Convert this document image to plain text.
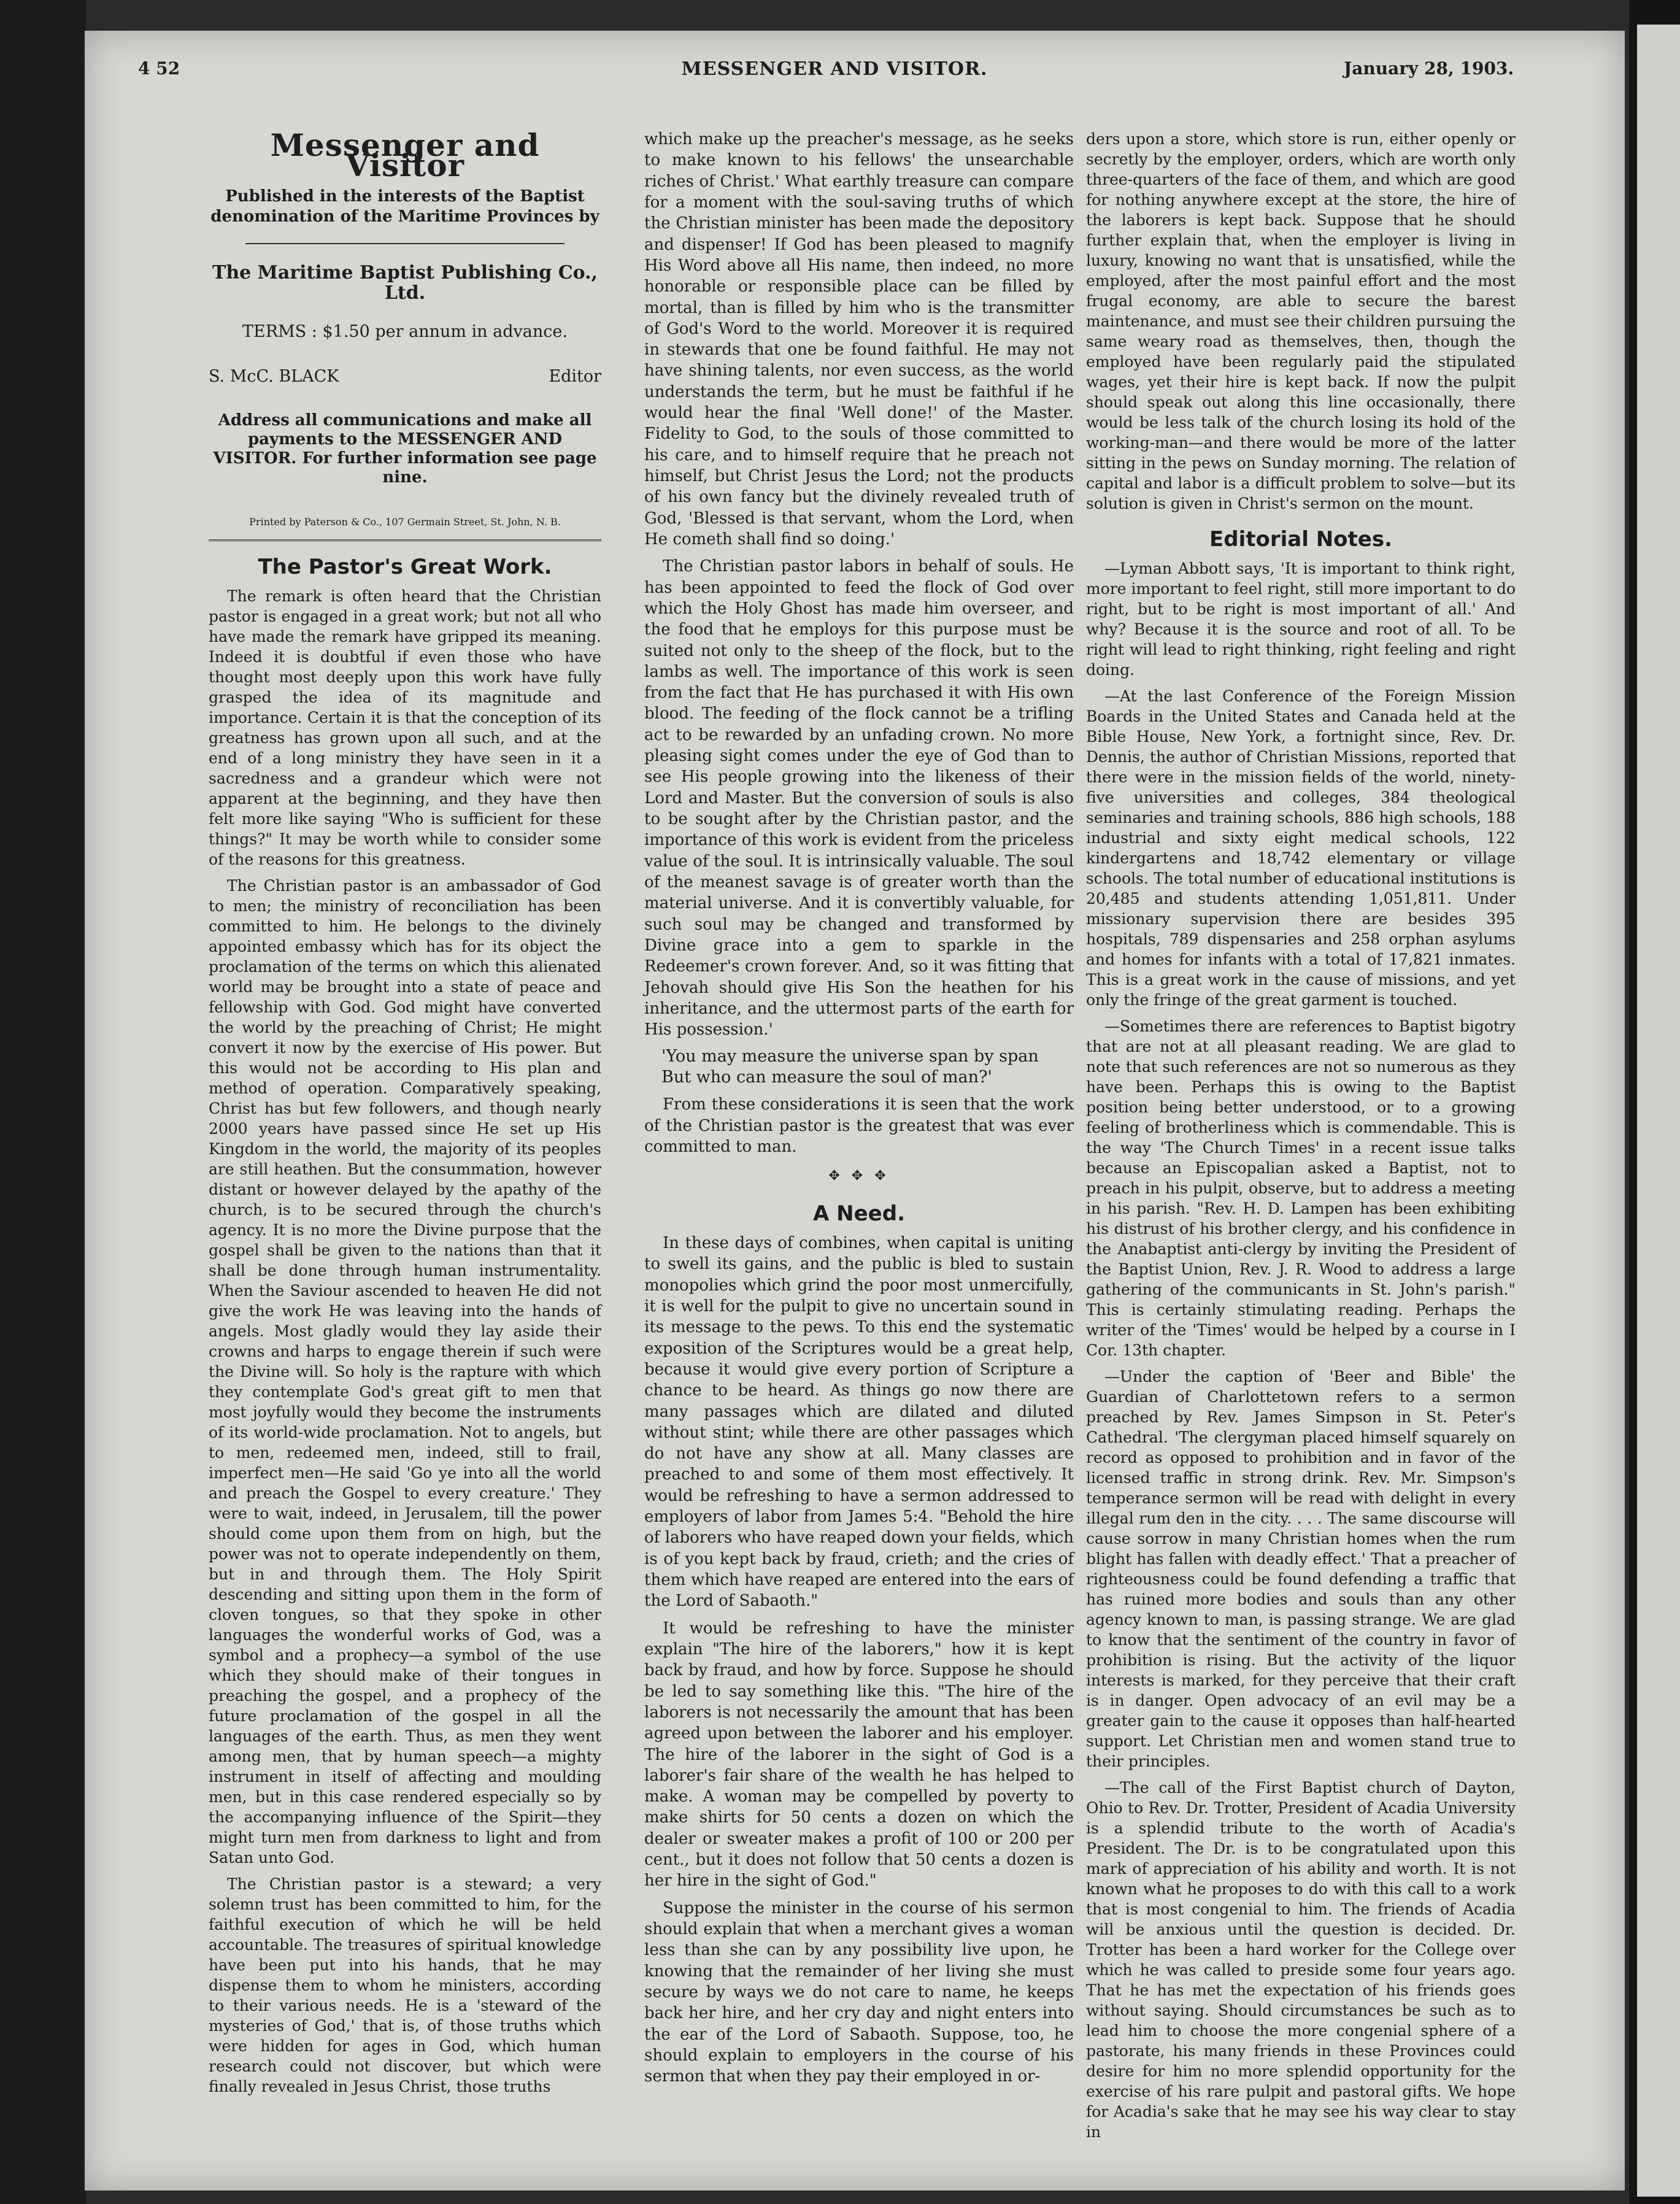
4 52	MESSENGER AND VISITOR.	January 28, 1903.
Messenger and Visitor
Published in the interests of the Baptist denomination of the Maritime Provinces by
The Maritime Baptist Publishing Co., Ltd.
TERMS : $1.50 per annum in advance.
S. McC. BLACK	Editor
Address all communications and make all payments to the MESSENGER AND VISITOR. For further information see page nine.
Printed by Paterson & Co., 107 Germain Street, St. John, N. B.
The Pastor's Great Work.

The remark is often heard that the Christian pastor is engaged in a great work; but not all who have made the remark have gripped its meaning. Indeed it is doubtful if even those who have thought most deeply upon this work have fully grasped the idea of its magnitude and importance. Certain it is that the conception of its greatness has grown upon all such, and at the end of a long ministry they have seen in it a sacredness and a grandeur which were not apparent at the beginning, and they have then felt more like saying "Who is sufficient for these things?" It may be worth while to consider some of the reasons for this greatness.

The Christian pastor is an ambassador of God to men; the ministry of reconciliation has been committed to him. He belongs to the divinely appointed embassy which has for its object the proclamation of the terms on which this alienated world may be brought into a state of peace and fellowship with God. God might have converted the world by the preaching of Christ; He might convert it now by the exercise of His power. But this would not be according to His plan and method of operation. Comparatively speaking, Christ has but few followers, and though nearly 2000 years have passed since He set up His Kingdom in the world, the majority of its peoples are still heathen. But the consummation, however distant or however delayed by the apathy of the church, is to be secured through the church's agency. It is no more the Divine purpose that the gospel shall be given to the nations than that it shall be done through human instrumentality. When the Saviour ascended to heaven He did not give the work He was leaving into the hands of angels. Most gladly would they lay aside their crowns and harps to engage therein if such were the Divine will. So holy is the rapture with which they contemplate God's great gift to men that most joyfully would they become the instruments of its world-wide proclamation. Not to angels, but to men, redeemed men, indeed, still to frail, imperfect men—He said 'Go ye into all the world and preach the Gospel to every creature.' They were to wait, indeed, in Jerusalem, till the power should come upon them from on high, but the power was not to operate independently on them, but in and through them. The Holy Spirit descending and sitting upon them in the form of cloven tongues, so that they spoke in other languages the wonderful works of God, was a symbol and a prophecy—a symbol of the use which they should make of their tongues in preaching the gospel, and a prophecy of the future proclamation of the gospel in all the languages of the earth. Thus, as men they went among men, that by human speech—a mighty instrument in itself of affecting and moulding men, but in this case rendered especially so by the accompanying influence of the Spirit—they might turn men from darkness to light and from Satan unto God.

The Christian pastor is a steward; a very solemn trust has been committed to him, for the faithful execution of which he will be held accountable. The treasures of spiritual knowledge have been put into his hands, that he may dispense them to whom he ministers, according to their various needs. He is a 'steward of the mysteries of God,' that is, of those truths which were hidden for ages in God, which human research could not discover, but which were finally revealed in Jesus Christ, those truths

which make up the preacher's message, as he seeks to make known to his fellows' the unsearchable riches of Christ.' What earthly treasure can compare for a moment with the soul-saving truths of which the Christian minister has been made the depository and dispenser! If God has been pleased to magnify His Word above all His name, then indeed, no more honorable or responsible place can be filled by mortal, than is filled by him who is the transmitter of God's Word to the world. Moreover it is required in stewards that one be found faithful. He may not have shining talents, nor even success, as the world understands the term, but he must be faithful if he would hear the final 'Well done!' of the Master. Fidelity to God, to the souls of those committed to his care, and to himself require that he preach not himself, but Christ Jesus the Lord; not the products of his own fancy but the divinely revealed truth of God, 'Blessed is that servant, whom the Lord, when He cometh shall find so doing.'

The Christian pastor labors in behalf of souls. He has been appointed to feed the flock of God over which the Holy Ghost has made him overseer, and the food that he employs for this purpose must be suited not only to the sheep of the flock, but to the lambs as well. The importance of this work is seen from the fact that He has purchased it with His own blood. The feeding of the flock cannot be a trifling act to be rewarded by an unfading crown. No more pleasing sight comes under the eye of God than to see His people growing into the likeness of their Lord and Master. But the conversion of souls is also to be sought after by the Christian pastor, and the importance of this work is evident from the priceless value of the soul. It is intrinsically valuable. The soul of the meanest savage is of greater worth than the material universe. And it is convertibly valuable, for such soul may be changed and transformed by Divine grace into a gem to sparkle in the Redeemer's crown forever. And, so it was fitting that Jehovah should give His Son the heathen for his inheritance, and the uttermost parts of the earth for His possession.'

'You may measure the universe span by span
But who can measure the soul of man?'

From these considerations it is seen that the work of the Christian pastor is the greatest that was ever committed to man.

✥ ✥ ✥
A Need.

In these days of combines, when capital is uniting to swell its gains, and the public is bled to sustain monopolies which grind the poor most unmercifully, it is well for the pulpit to give no uncertain sound in its message to the pews. To this end the systematic exposition of the Scriptures would be a great help, because it would give every portion of Scripture a chance to be heard. As things go now there are many passages which are dilated and diluted without stint; while there are other passages which do not have any show at all. Many classes are preached to and some of them most effectively. It would be refreshing to have a sermon addressed to employers of labor from James 5:4. "Behold the hire of laborers who have reaped down your fields, which is of you kept back by fraud, crieth; and the cries of them which have reaped are entered into the ears of the Lord of Sabaoth."

It would be refreshing to have the minister explain "The hire of the laborers," how it is kept back by fraud, and how by force. Suppose he should be led to say something like this. "The hire of the laborers is not necessarily the amount that has been agreed upon between the laborer and his employer. The hire of the laborer in the sight of God is a laborer's fair share of the wealth he has helped to make. A woman may be compelled by poverty to make shirts for 50 cents a dozen on which the dealer or sweater makes a profit of 100 or 200 per cent., but it does not follow that 50 cents a dozen is her hire in the sight of God."

Suppose the minister in the course of his sermon should explain that when a merchant gives a woman less than she can by any possibility live upon, he knowing that the remainder of her living she must secure by ways we do not care to name, he keeps back her hire, and her cry day and night enters into the ear of the Lord of Sabaoth. Suppose, too, he should explain to employers in the course of his sermon that when they pay their employed in or-

ders upon a store, which store is run, either openly or secretly by the employer, orders, which are worth only three-quarters of the face of them, and which are good for nothing anywhere except at the store, the hire of the laborers is kept back. Suppose that he should further explain that, when the employer is living in luxury, knowing no want that is unsatisfied, while the employed, after the most painful effort and the most frugal economy, are able to secure the barest maintenance, and must see their children pursuing the same weary road as themselves, then, though the employed have been regularly paid the stipulated wages, yet their hire is kept back. If now the pulpit should speak out along this line occasionally, there would be less talk of the church losing its hold of the working-man—and there would be more of the latter sitting in the pews on Sunday morning. The relation of capital and labor is a difficult problem to solve—but its solution is given in Christ's sermon on the mount.

Editorial Notes.

—Lyman Abbott says, 'It is important to think right, more important to feel right, still more important to do right, but to be right is most important of all.' And why? Because it is the source and root of all. To be right will lead to right thinking, right feeling and right doing.

—At the last Conference of the Foreign Mission Boards in the United States and Canada held at the Bible House, New York, a fortnight since, Rev. Dr. Dennis, the author of Christian Missions, reported that there were in the mission fields of the world, ninety-five universities and colleges, 384 theological seminaries and training schools, 886 high schools, 188 industrial and sixty eight medical schools, 122 kindergartens and 18,742 elementary or village schools. The total number of educational institutions is 20,485 and students attending 1,051,811. Under missionary supervision there are besides 395 hospitals, 789 dispensaries and 258 orphan asylums and homes for infants with a total of 17,821 inmates. This is a great work in the cause of missions, and yet only the fringe of the great garment is touched.

—Sometimes there are references to Baptist bigotry that are not at all pleasant reading. We are glad to note that such references are not so numerous as they have been. Perhaps this is owing to the Baptist position being better understood, or to a growing feeling of brotherliness which is commendable. This is the way 'The Church Times' in a recent issue talks because an Episcopalian asked a Baptist, not to preach in his pulpit, observe, but to address a meeting in his parish. "Rev. H. D. Lampen has been exhibiting his distrust of his brother clergy, and his confidence in the Anabaptist anti-clergy by inviting the President of the Baptist Union, Rev. J. R. Wood to address a large gathering of the communicants in St. John's parish." This is certainly stimulating reading. Perhaps the writer of the 'Times' would be helped by a course in I Cor. 13th chapter.

—Under the caption of 'Beer and Bible' the Guardian of Charlottetown refers to a sermon preached by Rev. James Simpson in St. Peter's Cathedral. 'The clergyman placed himself squarely on record as opposed to prohibition and in favor of the licensed traffic in strong drink. Rev. Mr. Simpson's temperance sermon will be read with delight in every illegal rum den in the city. . . . The same discourse will cause sorrow in many Christian homes when the rum blight has fallen with deadly effect.' That a preacher of righteousness could be found defending a traffic that has ruined more bodies and souls than any other agency known to man, is passing strange. We are glad to know that the sentiment of the country in favor of prohibition is rising. But the activity of the liquor interests is marked, for they perceive that their craft is in danger. Open advocacy of an evil may be a greater gain to the cause it opposes than half-hearted support. Let Christian men and women stand true to their principles.

—The call of the First Baptist church of Dayton, Ohio to Rev. Dr. Trotter, President of Acadia University is a splendid tribute to the worth of Acadia's President. The Dr. is to be congratulated upon this mark of appreciation of his ability and worth. It is not known what he proposes to do with this call to a work that is most congenial to him. The friends of Acadia will be anxious until the question is decided. Dr. Trotter has been a hard worker for the College over which he was called to preside some four years ago. That he has met the expectation of his friends goes without saying. Should circumstances be such as to lead him to choose the more congenial sphere of a pastorate, his many friends in these Provinces could desire for him no more splendid opportunity for the exercise of his rare pulpit and pastoral gifts. We hope for Acadia's sake that he may see his way clear to stay in
